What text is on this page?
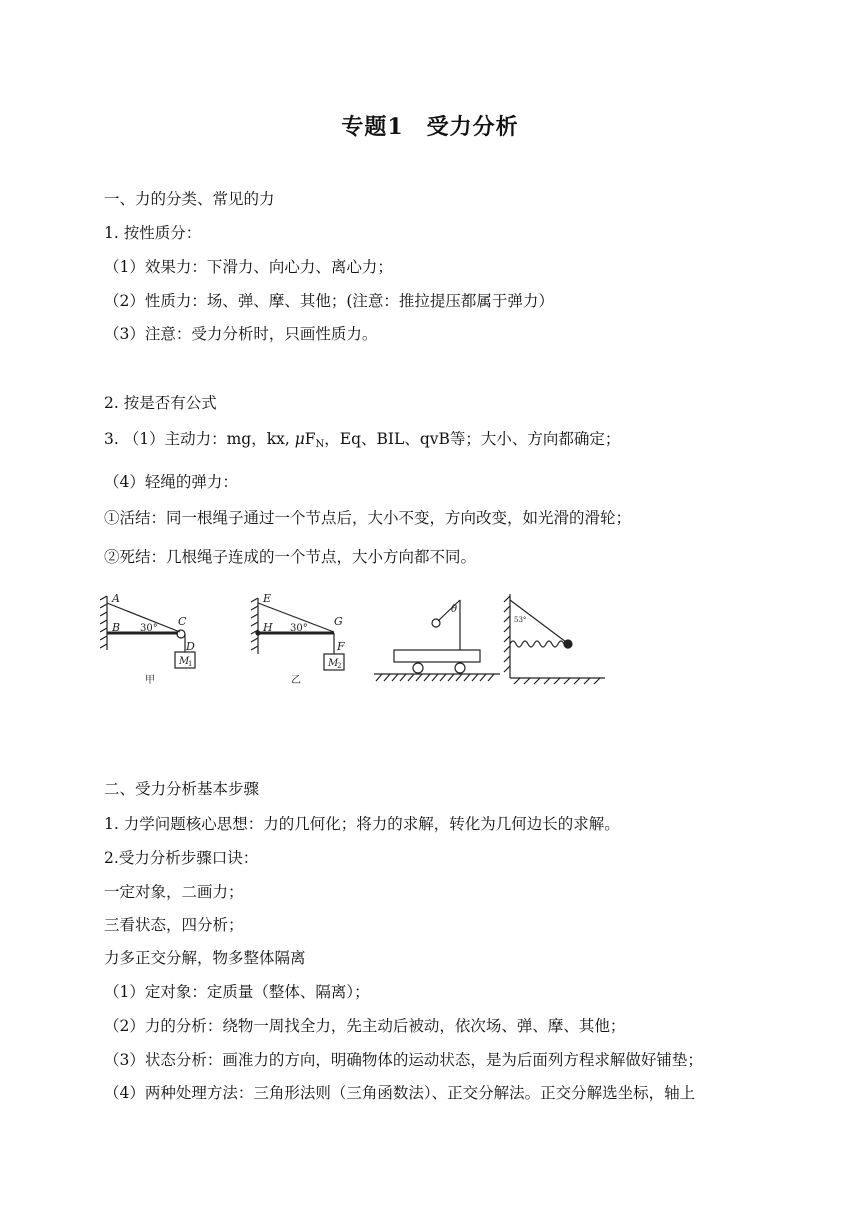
专题1　受力分析
一、力的分类、常见的力
1. 按性质分：
（1）效果力：下滑力、向心力、离心力；
（2）性质力：场、弹、摩、其他；(注意：推拉提压都属于弹力）
（3）注意：受力分析时，只画性质力。
2. 按是否有公式
3. （1）主动力：mg，kx, $\mu F_N$，Eq、BIL、qvB等；大小、方向都确定；
（4）轻绳的弹力：
①活结：同一根绳子通过一个节点后，大小不变，方向改变，如光滑的滑轮；
②死结：几根绳子连成的一个节点，大小方向都不同。
A
B	C
D
30°
M
1
甲
E
H	G
F
30°
M
2
乙
θ
53°
二、受力分析基本步骤
1. 力学问题核心思想：力的几何化；将力的求解，转化为几何边长的求解。
2.受力分析步骤口诀：
一定对象，二画力；
三看状态，四分析；
力多正交分解，物多整体隔离
（1）定对象：定质量（整体、隔离）；
（2）力的分析：绕物一周找全力，先主动后被动，依次场、弹、摩、其他；
（3）状态分析：画准力的方向，明确物体的运动状态，是为后面列方程求解做好铺垫；
（4）两种处理方法：三角形法则（三角函数法）、正交分解法。正交分解选坐标，轴上
